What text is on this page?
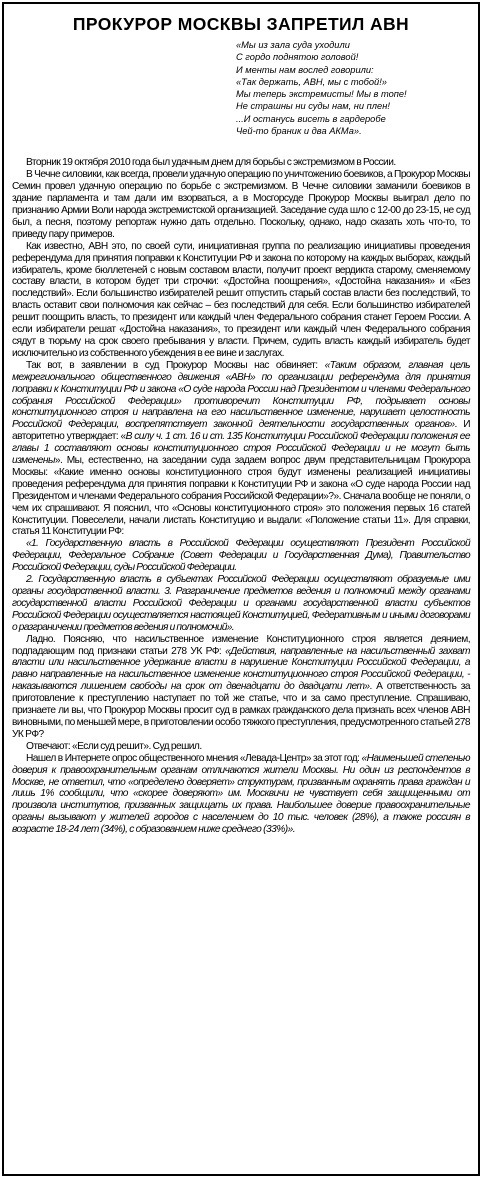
ПРОКУРОР МОСКВЫ ЗАПРЕТИЛ АВН
«Мы из зала суда уходили
С гордо поднятою головой!
И менты нам вослед говорили:
«Так держать, АВН, мы с тобой!»
Мы теперь экстремисты! Мы в топе!
Не страшны ни суды нам, ни плен!
...И останусь висеть в гардеробе
Чей-то браник и два АКМа».

Вторник 19 октября 2010 года был удачным днем для борьбы с экстремизмом в России.

В Чечне силовики, как всегда, провели удачную операцию по уничтожению боевиков, а Прокурор Москвы Семин провел удачную операцию по борьбе с экстремизмом. В Чечне силовики заманили боевиков в здание парламента и там дали им взорваться, а в Мосгорсуде Прокурор Москвы выиграл дело по признанию Армии Воли народа экстремистской организацией. Заседание суда шло с 12-00 до 23-15, не суд был, а песня, поэтому репортаж нужно дать отдельно. Поскольку, однако, надо сказать хоть что-то, то приведу пару примеров.

Как известно, АВН это, по своей сути, инициативная группа по реализацию инициативы проведения референдума для принятия поправки к Конституции РФ и закона по которому на каждых выборах, каждый избиратель, кроме бюллетеней с новым составом власти, получит проект вердикта старому, сменяемому составу власти, в котором будет три строчки: «Достойна поощрения», «Достойна наказания» и «Без последствий». Если большинство избирателей решит отпустить старый состав власти без последствий, то власть оставит свои полномочия как сейчас – без последствий для себя. Если большинство избирателей решит поощрить власть, то президент или каждый член Федерального собрания станет Героем России. А если избиратели решат «Достойна наказания», то президент или каждый член Федерального собрания сядут в тюрьму на срок своего пребывания у власти. Причем, судить власть каждый избиратель будет исключительно из собственного убеждения в ее вине и заслугах.

Так вот, в заявлении в суд Прокурор Москвы нас обвиняет: «Таким образом, главная цель межрегионального общественного движения «АВН» по организации референдума для принятия поправки к Конституции РФ и закона «О суде народа России над Президентом и членами Федерального собрания Российской Федерации» противоречит Конституции РФ, подрывает основы конституционного строя и направлена на его насильственное изменение, нарушает целостность Российской Федерации, воспрепятствует законной деятельности государственных органов». И авторитетно утверждает: «В силу ч. 1 ст. 16 и ст. 135 Конституции Российской Федерации положения ее главы 1 составляют основы конституционного строя Российской Федерации и не могут быть изменены». Мы, естественно, на заседании суда задаем вопрос двум представительницам Прокурора Москвы: «Какие именно основы конституционного строя будут изменены реализацией инициативы проведения референдума для принятия поправки к Конституции РФ и закона «О суде народа России над Президентом и членами Федерального собрания Российской Федерации»?». Сначала вообще не поняли, о чем их спрашивают. Я пояснил, что «Основы конституционного строя» это положения первых 16 статей Конституции. Повеселели, начали листать Конституцию и выдали: «Положение статьи 11». Для справки, статья 11 Конституции РФ:

«1. Государственную власть в Российской Федерации осуществляют Президент Российской Федерации, Федеральное Собрание (Совет Федерации и Государственная Дума), Правительство Российской Федерации, суды Российской Федерации.

2. Государственную власть в субъектах Российской Федерации осуществляют образуемые ими органы государственной власти. 3. Разграничение предметов ведения и полномочий между органами государственной власти Российской Федерации и органами государственной власти субъектов Российской Федерации осуществляется настоящей Конституцией, Федеративным и иными договорами о разграничении предметов ведения и полномочий».

Ладно. Поясняю, что насильственное изменение Конституционного строя является деянием, подпадающим под признаки статьи 278 УК РФ: «Действия, направленные на насильственный захват власти или насильственное удержание власти в нарушение Конституции Российской Федерации, а равно направленные на насильственное изменение конституционного строя Российской Федерации, - наказываются лишением свободы на срок от двенадцати до двадцати лет». А ответственность за приготовление к преступлению наступает по той же статье, что и за само преступление. Спрашиваю, признаете ли вы, что Прокурор Москвы просит суд в рамках гражданского дела признать всех членов АВН виновными, по меньшей мере, в приготовлении особо тяжкого преступления, предусмотренного статьей 278 УК РФ?

Отвечают: «Если суд решит». Суд решил.

Нашел в Интернете опрос общественного мнения «Левада-Центр» за этот год: «Наименьшей степенью доверия к правоохранительным органам отличаются жители Москвы. Ни один из респондентов в Москве, не ответил, что «определено доверяет» структурам, призванным охранять права граждан и лишь 1% сообщили, что «скорее доверяют» им. Москвичи не чувствует себя защищенными от произвола институтов, призванных защищать их права. Наибольшее доверие правоохранительные органы вызывают у жителей городов с населением до 10 тыс. человек (28%), а также россиян в возрасте 18-24 лет (34%), с образованием ниже среднего (33%)».
